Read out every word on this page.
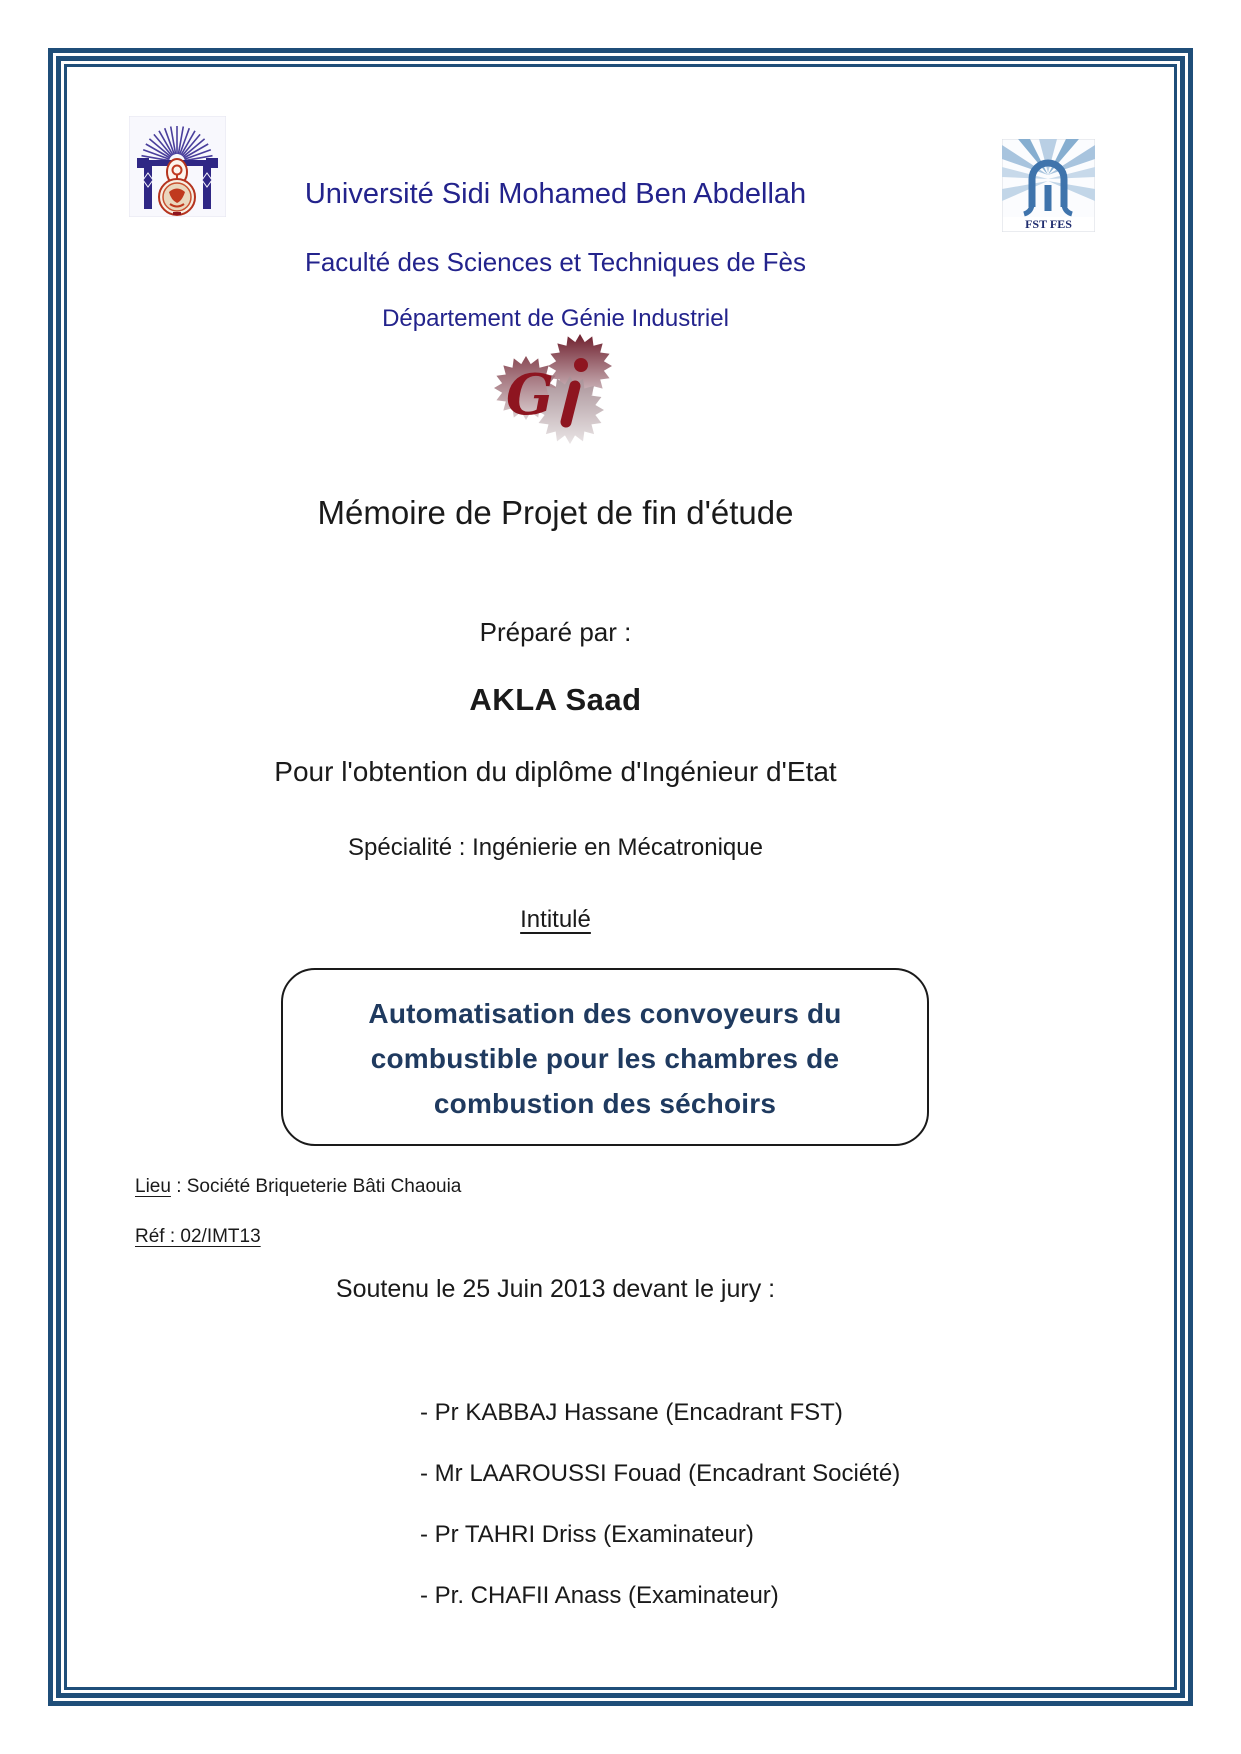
FST FES
Université Sidi Mohamed Ben Abdellah
Faculté des Sciences et Techniques de Fès
Département de Génie Industriel
G
Mémoire de Projet de fin d'étude
Préparé par :
AKLA Saad
Pour l'obtention du diplôme d'Ingénieur d'Etat
Spécialité : Ingénierie en Mécatronique
Intitulé
Automatisation des convoyeurs du
combustible pour les chambres de
combustion des séchoirs
Lieu : Société Briqueterie Bâti Chaouia
Réf : 02/IMT13
Soutenu le 25 Juin 2013 devant le jury :
- Pr KABBAJ Hassane (Encadrant FST)
- Mr LAAROUSSI Fouad (Encadrant Société)
- Pr TAHRI Driss (Examinateur)
- Pr. CHAFII Anass (Examinateur)
